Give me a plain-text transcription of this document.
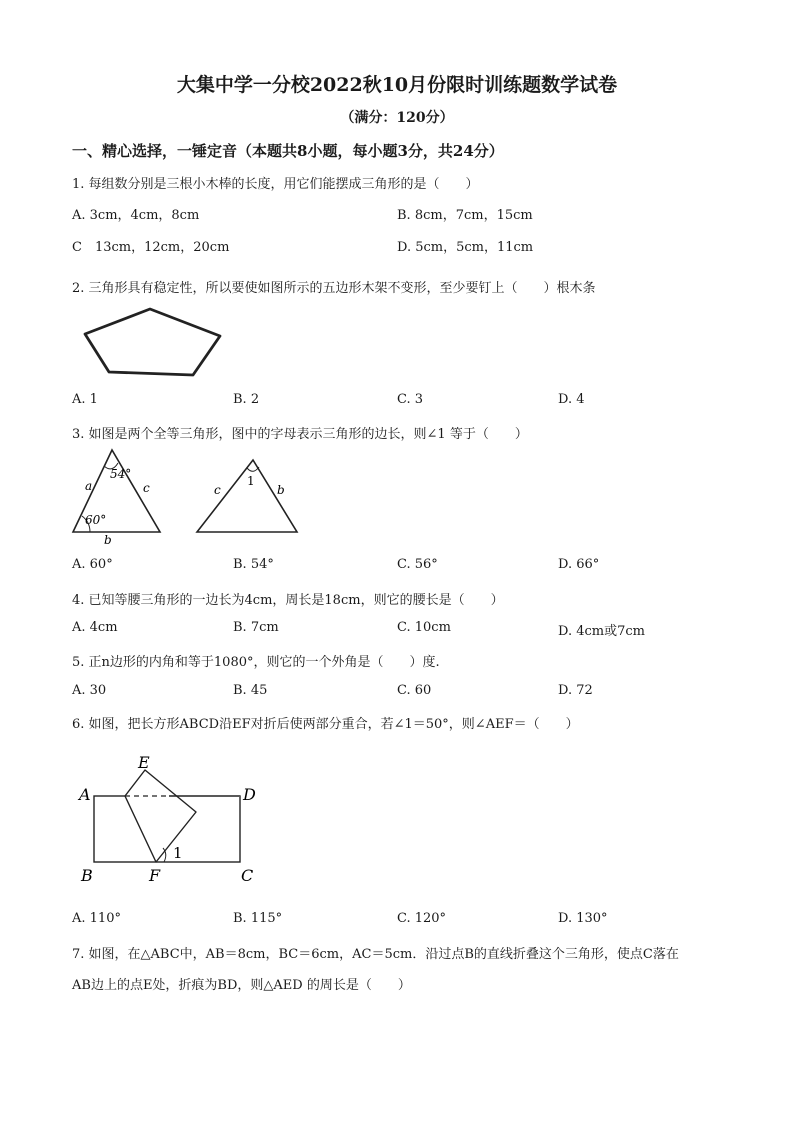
大集中学一分校2022秋10月份限时训练题数学试卷
（满分：120分）
一、精心选择，一锤定音（本题共8小题，每小题3分，共24分）
1. 每组数分别是三根小木棒的长度，用它们能摆成三角形的是（　　）
A. 3cm，4cm，8cm	B. 8cm，7cm，15cm
C　13cm，12cm，20cm	D. 5cm，5cm，11cm
2. 三角形具有稳定性，所以要使如图所示的五边形木架不变形，至少要钉上（　　）根木条
A. 1	B. 2	C. 3	D. 4
3. 如图是两个全等三角形，图中的字母表示三角形的边长，则∠1 等于（　　）
54°
60°
a	c
b
1
c	b
A. 60°	B. 54°	C. 56°	D. 66°
4. 已知等腰三角形的一边长为4cm，周长是18cm，则它的腰长是（　　）
A. 4cm	B. 7cm	C. 10cm	D. 4cm或7cm
5. 正n边形的内角和等于1080°，则它的一个外角是（　　）度.
A. 30	B. 45	C. 60	D. 72
6. 如图，把长方形ABCD沿EF对折后使两部分重合，若∠1＝50°，则∠AEF＝（　　）
A	D
E
B	F	C
1
A. 110°	B. 115°	C. 120°	D. 130°
7. 如图，在△ABC中，AB＝8cm，BC＝6cm，AC＝5cm．沿过点B的直线折叠这个三角形，使点C落在
AB边上的点E处，折痕为BD，则△AED 的周长是（　　）
